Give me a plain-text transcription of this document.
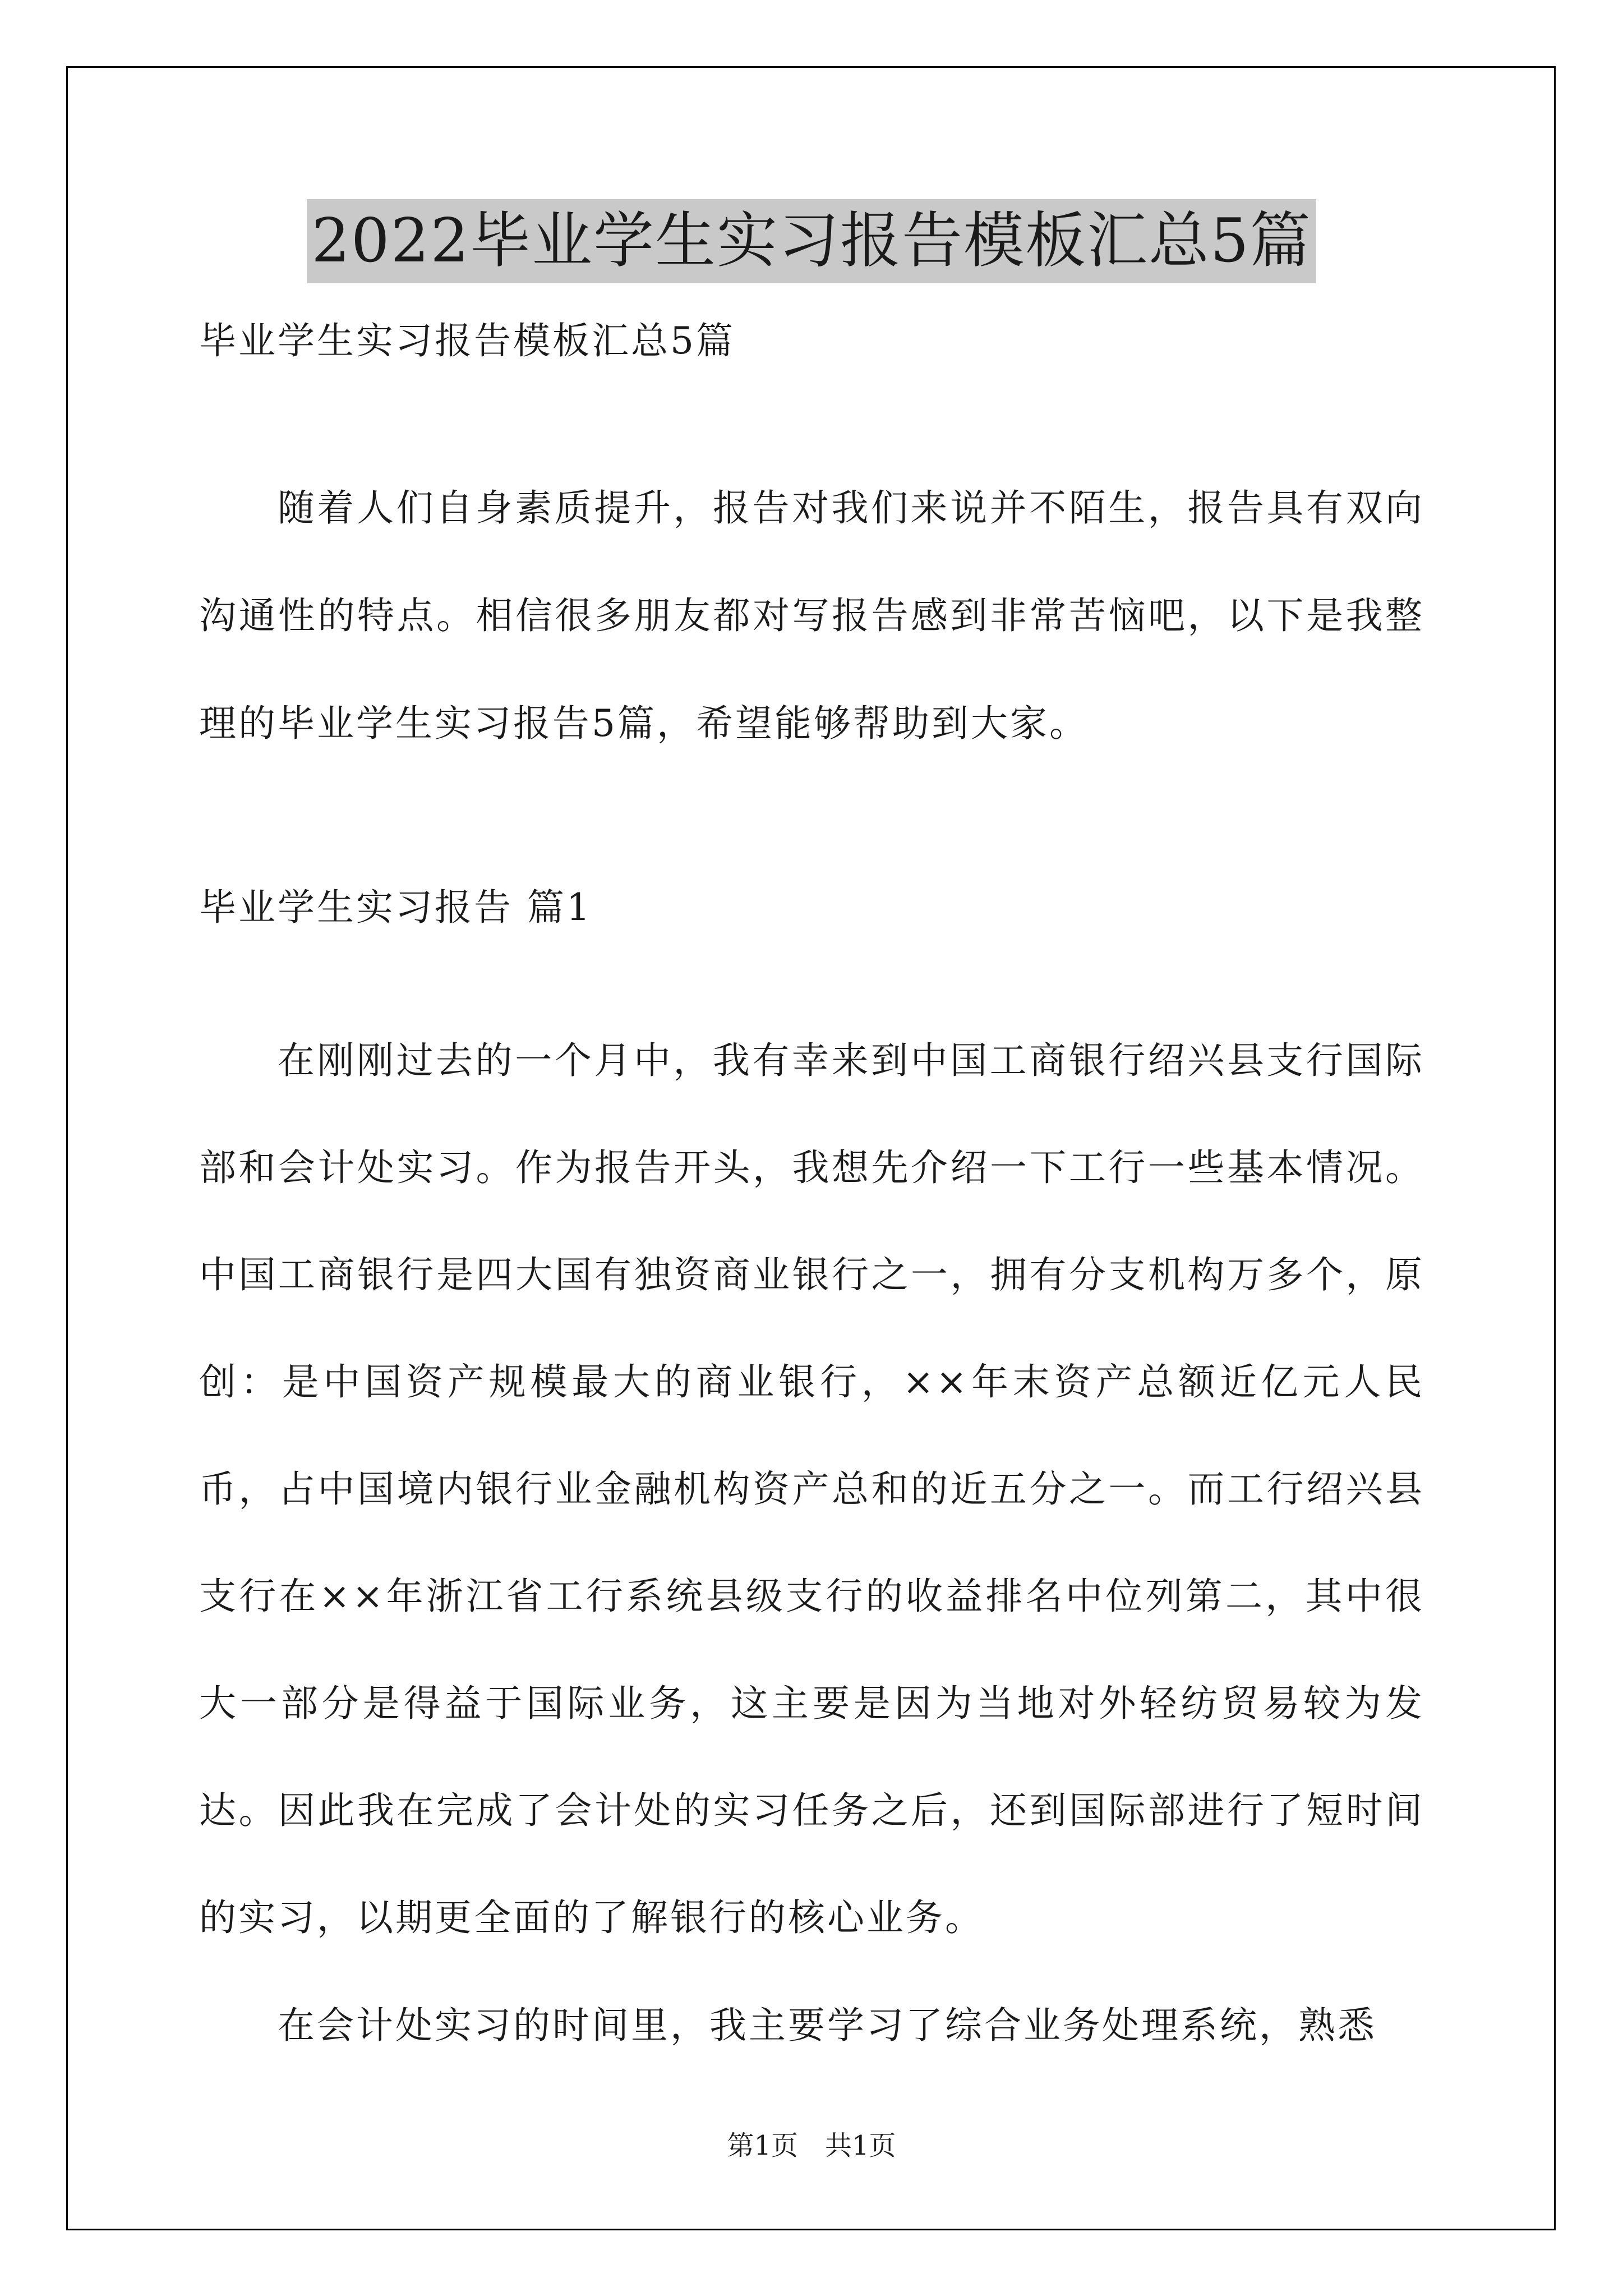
2022毕业学生实习报告模板汇总5篇
毕业学生实习报告模板汇总5篇
随着人们自身素质提升，报告对我们来说并不陌生，报告具有双向沟通性的特点。相信很多朋友都对写报告感到非常苦恼吧，以下是我整理的毕业学生实习报告5篇，希望能够帮助到大家。
毕业学生实习报告 篇1
在刚刚过去的一个月中，我有幸来到中国工商银行绍兴县支行国际部和会计处实习。作为报告开头，我想先介绍一下工行一些基本情况。中国工商银行是四大国有独资商业银行之一，拥有分支机构万多个，原创：是中国资产规模最大的商业银行，××年末资产总额近亿元人民币，占中国境内银行业金融机构资产总和的近五分之一。而工行绍兴县支行在××年浙江省工行系统县级支行的收益排名中位列第二，其中很大一部分是得益于国际业务，这主要是因为当地对外轻纺贸易较为发达。因此我在完成了会计处的实习任务之后，还到国际部进行了短时间的实习，以期更全面的了解银行的核心业务。
在会计处实习的时间里，我主要学习了综合业务处理系统，熟悉
第1页　共1页
